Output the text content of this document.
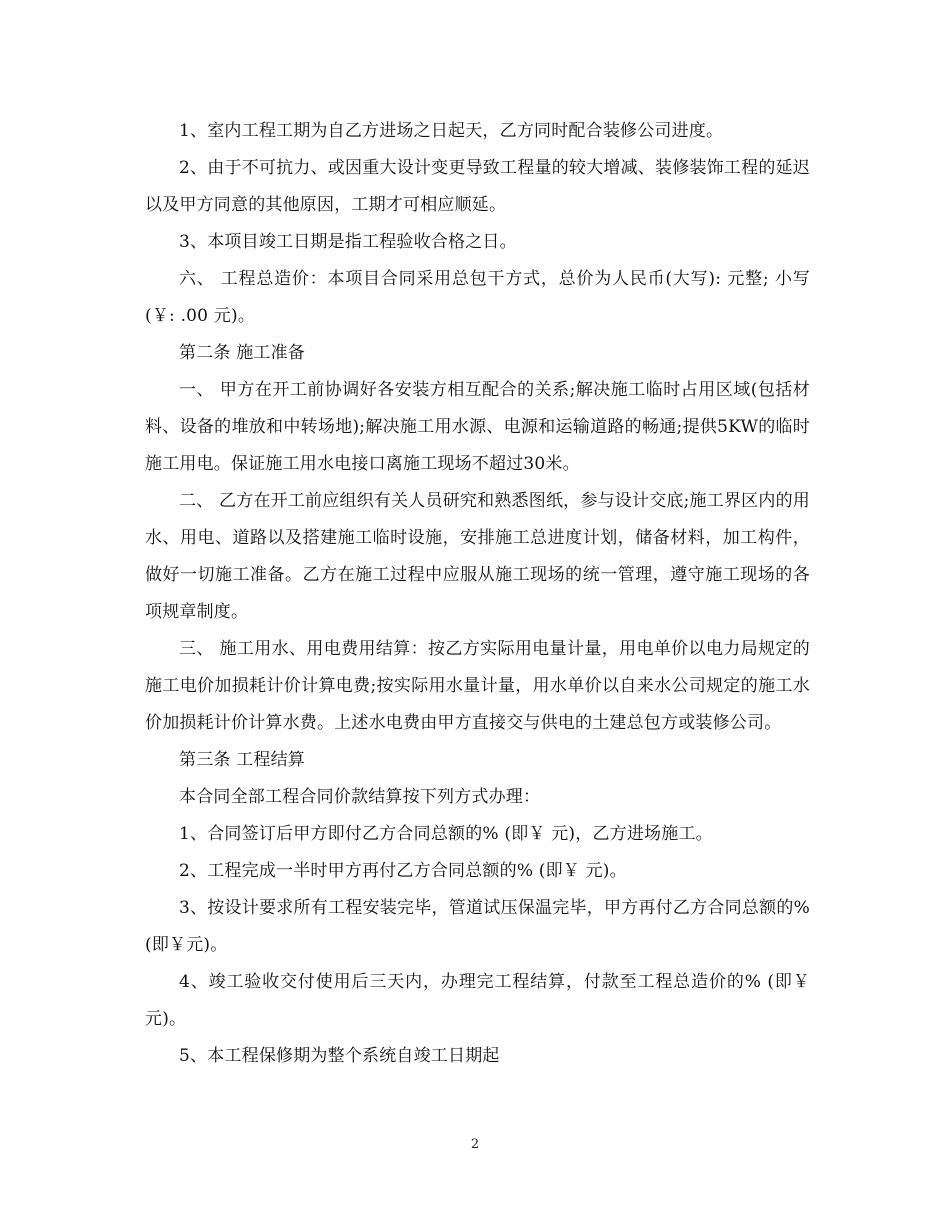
1、室内工程工期为自乙方进场之日起天，乙方同时配合装修公司进度。

2、由于不可抗力、或因重大设计变更导致工程量的较大增减、装修装饰工程的延迟以及甲方同意的其他原因，工期才可相应顺延。

3、本项目竣工日期是指工程验收合格之日。

六、 工程总造价：本项目合同采用总包干方式，总价为人民币(大写): 元整; 小写(￥: .00 元)。

第二条 施工准备

一、 甲方在开工前协调好各安装方相互配合的关系;解决施工临时占用区域(包括材料、设备的堆放和中转场地);解决施工用水源、电源和运输道路的畅通;提供5KW的临时施工用电。保证施工用水电接口离施工现场不超过30米。

二、 乙方在开工前应组织有关人员研究和熟悉图纸，参与设计交底;施工界区内的用水、用电、道路以及搭建施工临时设施，安排施工总进度计划，储备材料，加工构件，做好一切施工准备。乙方在施工过程中应服从施工现场的统一管理，遵守施工现场的各项规章制度。

三、 施工用水、用电费用结算：按乙方实际用电量计量，用电单价以电力局规定的施工电价加损耗计价计算电费;按实际用水量计量，用水单价以自来水公司规定的施工水价加损耗计价计算水费。上述水电费由甲方直接交与供电的土建总包方或装修公司。

第三条 工程结算

本合同全部工程合同价款结算按下列方式办理：

1、合同签订后甲方即付乙方合同总额的% (即￥ 元)，乙方进场施工。

2、工程完成一半时甲方再付乙方合同总额的% (即￥ 元)。

3、按设计要求所有工程安装完毕，管道试压保温完毕，甲方再付乙方合同总额的%(即￥元)。

4、竣工验收交付使用后三天内，办理完工程结算，付款至工程总造价的% (即￥ 元)。

5、本工程保修期为整个系统自竣工日期起

2
